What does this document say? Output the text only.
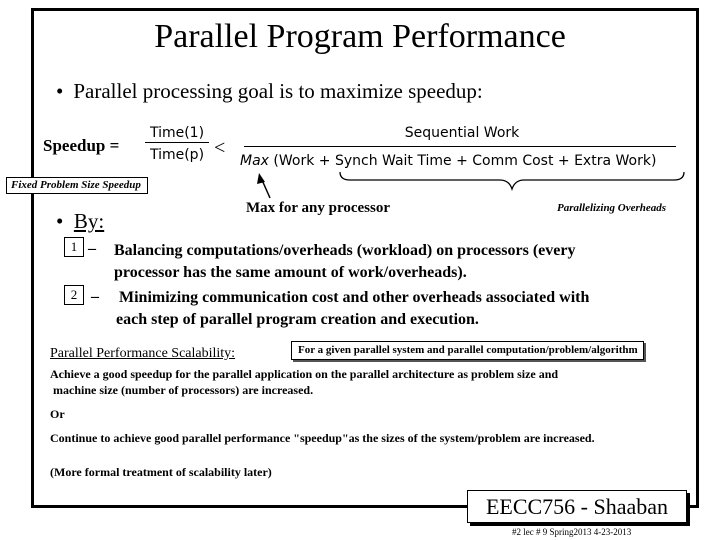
Parallel Program Performance
• Parallel processing goal is to maximize speedup:
Speedup =
Time(1)
Time(p) <
Sequential Work
Max (Work + Synch Wait Time + Comm Cost + Extra Work)
Fixed Problem Size Speedup
Max for any processor	Parallelizing Overheads
•  By:
1 – Balancing computations/overheads (workload) on processors (every
processor has the same amount of work/overheads).
2 – Minimizing communication cost and other overheads associated with
each step of parallel program creation and execution.
Parallel Performance Scalability:	For a given parallel system and parallel computation/problem/algorithm
Achieve a good speedup for the parallel application on the parallel architecture as problem size and
machine size (number of processors) are increased.
Or
Continue to achieve good parallel performance "speedup"as the sizes of the system/problem are increased.
(More formal treatment of scalability later)
EECC756 - Shaaban
#2 lec # 9 Spring2013 4-23-2013
